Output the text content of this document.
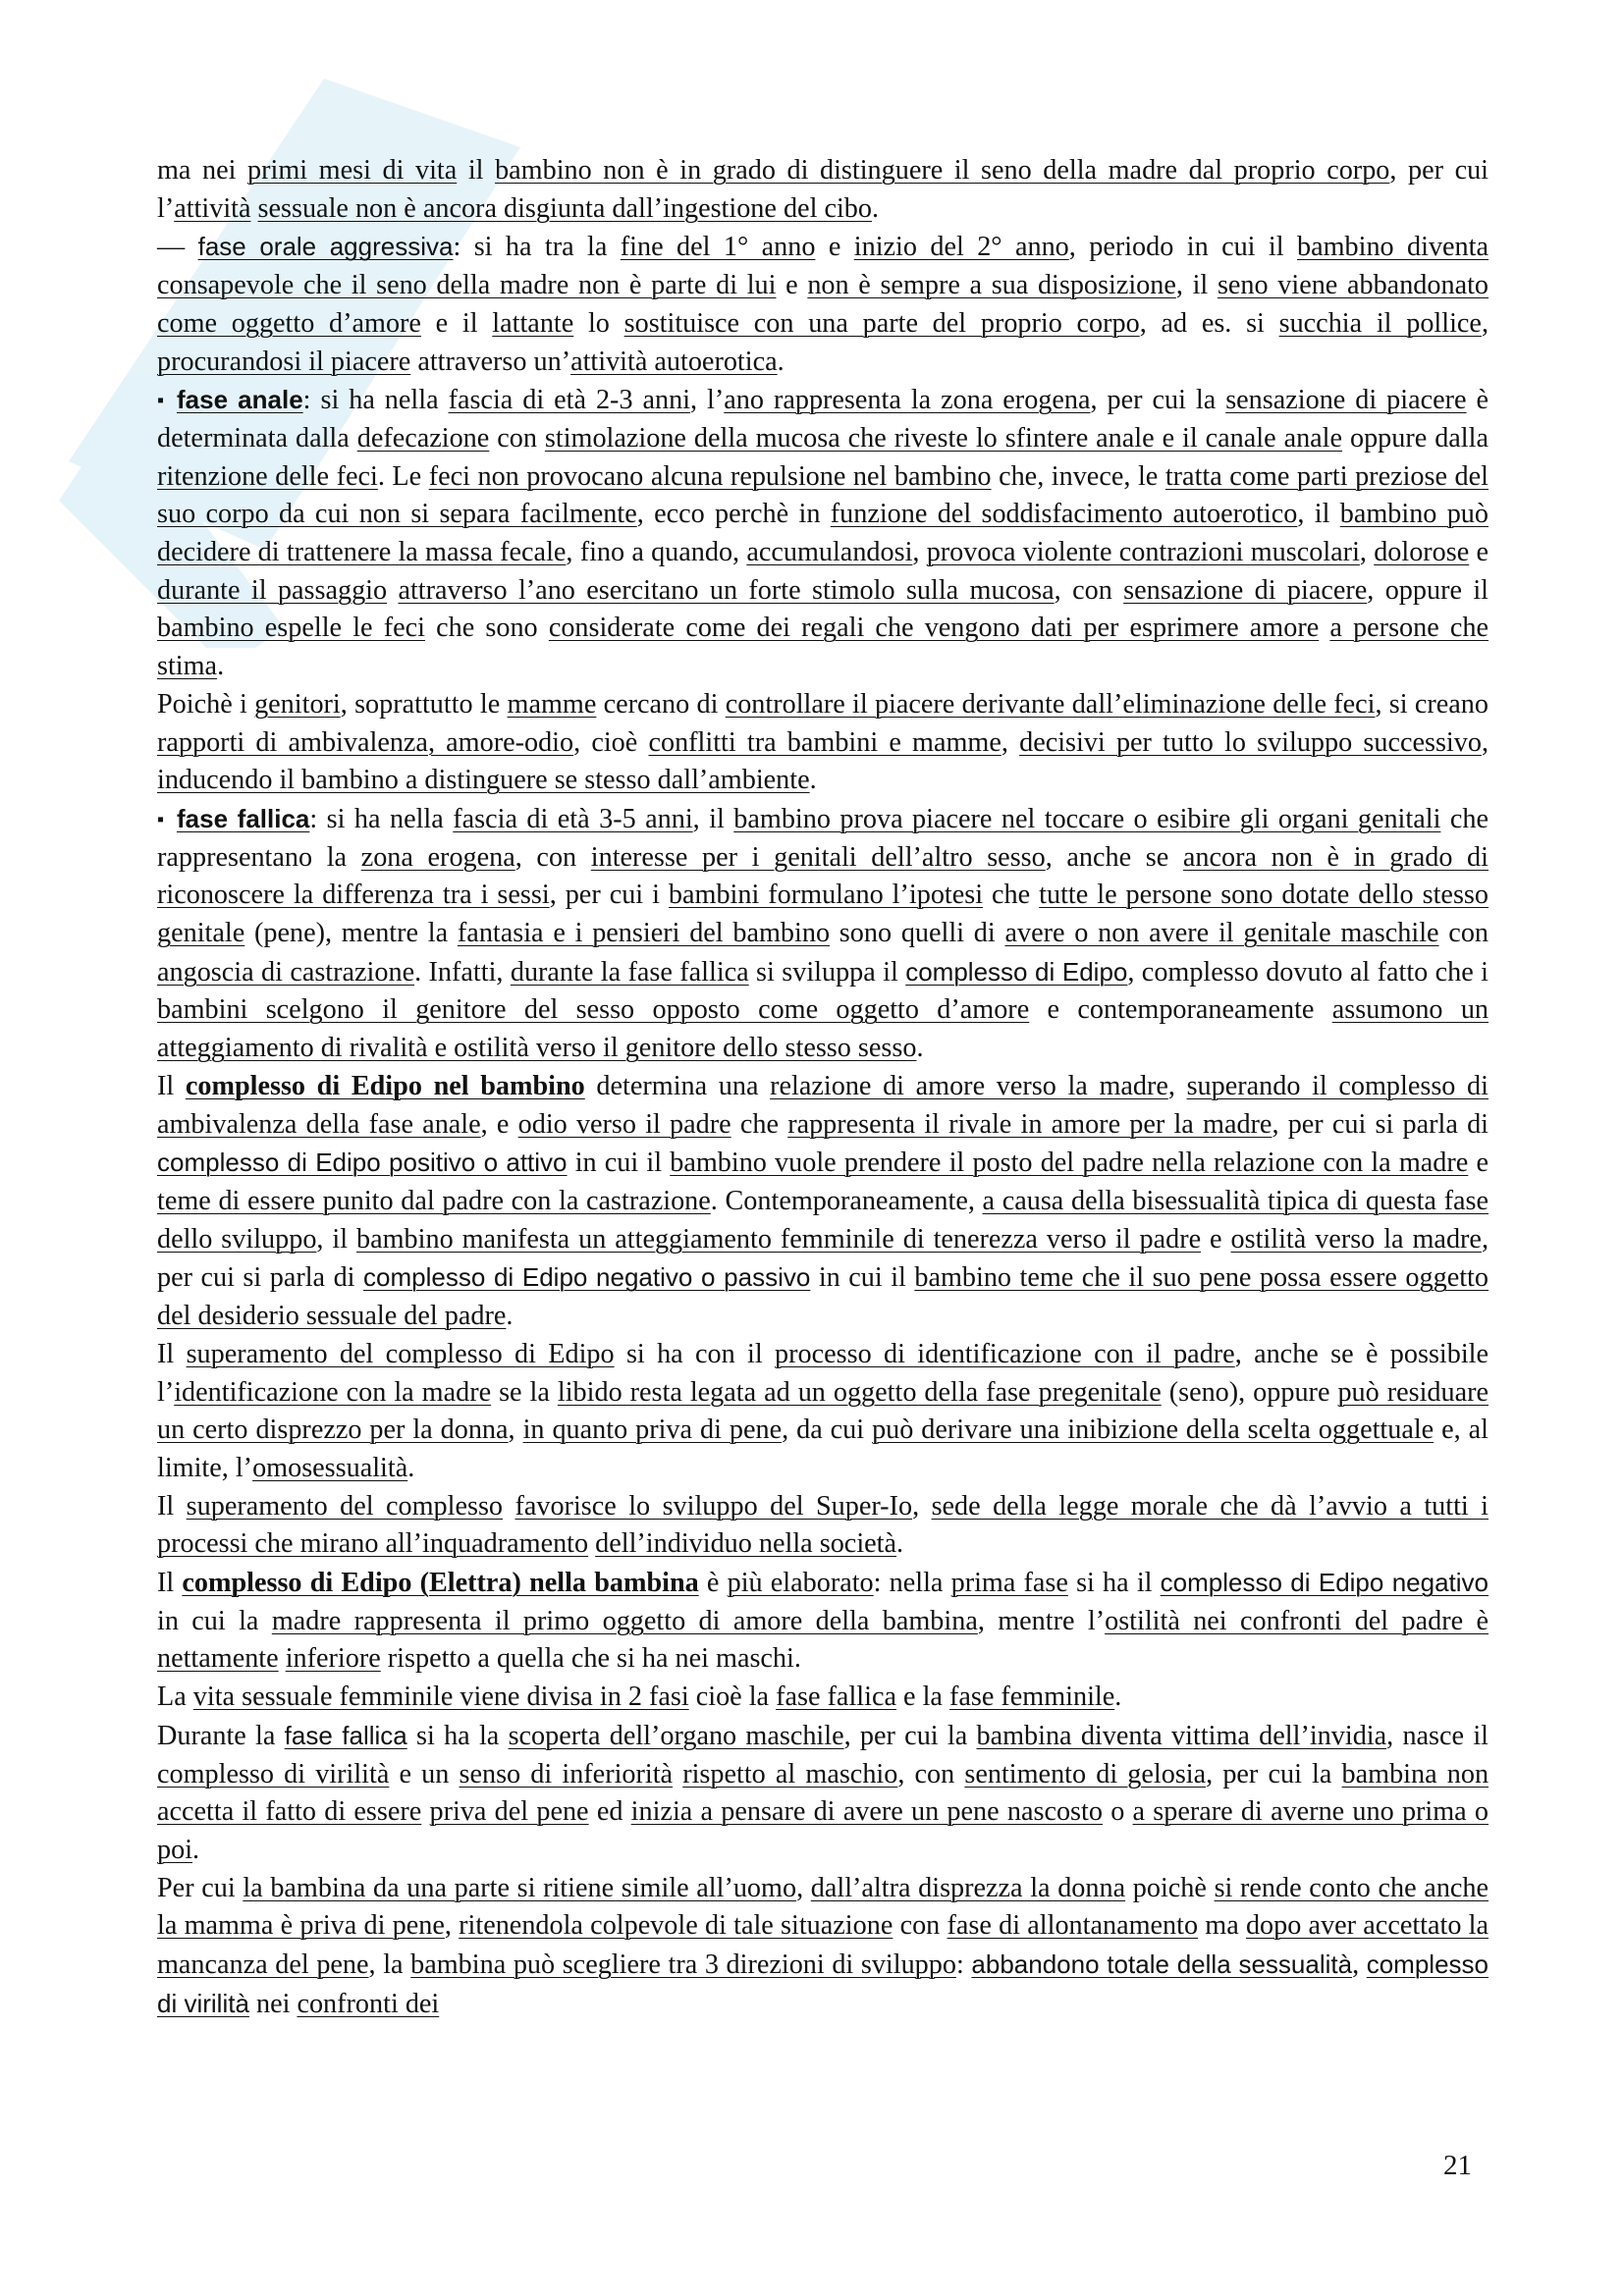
ma nei primi mesi di vita il bambino non è in grado di distinguere il seno della madre dal proprio corpo, per cui l’attività sessuale non è ancora disgiunta dall’ingestione del cibo.

— fase orale aggressiva: si ha tra la fine del 1° anno e inizio del 2° anno, periodo in cui il bambino diventa consapevole che il seno della madre non è parte di lui e non è sempre a sua disposizione, il seno viene abbandonato come oggetto d’amore e il lattante lo sostituisce con una parte del proprio corpo, ad es. si succhia il pollice, procurandosi il piacere attraverso un’attività autoerotica.

▪fase anale: si ha nella fascia di età 2-3 anni, l’ano rappresenta la zona erogena, per cui la sensazione di piacere è determinata dalla defecazione con stimolazione della mucosa che riveste lo sfintere anale e il canale anale oppure dalla ritenzione delle feci. Le feci non provocano alcuna repulsione nel bambino che, invece, le tratta come parti preziose del suo corpo da cui non si separa facilmente, ecco perchè in funzione del soddisfacimento autoerotico, il bambino può decidere di trattenere la massa fecale, fino a quando, accumulandosi, provoca violente contrazioni muscolari, dolorose e durante il passaggio attraverso l’ano esercitano un forte stimolo sulla mucosa, con sensazione di piacere, oppure il bambino espelle le feci che sono considerate come dei regali che vengono dati per esprimere amore a persone che stima.

Poichè i genitori, soprattutto le mamme cercano di controllare il piacere derivante dall’eliminazione delle feci, si creano rapporti di ambivalenza, amore-odio, cioè conflitti tra bambini e mamme, decisivi per tutto lo sviluppo successivo, inducendo il bambino a distinguere se stesso dall’ambiente.

▪fase fallica: si ha nella fascia di età 3-5 anni, il bambino prova piacere nel toccare o esibire gli organi genitali che rappresentano la zona erogena, con interesse per i genitali dell’altro sesso, anche se ancora non è in grado di riconoscere la differenza tra i sessi, per cui i bambini formulano l’ipotesi che tutte le persone sono dotate dello stesso genitale (pene), mentre la fantasia e i pensieri del bambino sono quelli di avere o non avere il genitale maschile con angoscia di castrazione. Infatti, durante la fase fallica si sviluppa il complesso di Edipo, complesso dovuto al fatto che i bambini scelgono il genitore del sesso opposto come oggetto d’amore e contemporaneamente assumono un atteggiamento di rivalità e ostilità verso il genitore dello stesso sesso.

Il complesso di Edipo nel bambino determina una relazione di amore verso la madre, superando il complesso di ambivalenza della fase anale, e odio verso il padre che rappresenta il rivale in amore per la madre, per cui si parla di complesso di Edipo positivo o attivo in cui il bambino vuole prendere il posto del padre nella relazione con la madre e teme di essere punito dal padre con la castrazione. Contemporaneamente, a causa della bisessualità tipica di questa fase dello sviluppo, il bambino manifesta un atteggiamento femminile di tenerezza verso il padre e ostilità verso la madre, per cui si parla di complesso di Edipo negativo o passivo in cui il bambino teme che il suo pene possa essere oggetto del desiderio sessuale del padre.

Il superamento del complesso di Edipo si ha con il processo di identificazione con il padre, anche se è possibile l’identificazione con la madre se la libido resta legata ad un oggetto della fase pregenitale (seno), oppure può residuare un certo disprezzo per la donna, in quanto priva di pene, da cui può derivare una inibizione della scelta oggettuale e, al limite, l’omosessualità.

Il superamento del complesso favorisce lo sviluppo del Super-Io, sede della legge morale che dà l’avvio a tutti i processi che mirano all’inquadramento dell’individuo nella società.

Il complesso di Edipo (Elettra) nella bambina è più elaborato: nella prima fase si ha il complesso di Edipo negativo in cui la madre rappresenta il primo oggetto di amore della bambina, mentre l’ostilità nei confronti del padre è nettamente inferiore rispetto a quella che si ha nei maschi.

La vita sessuale femminile viene divisa in 2 fasi cioè la fase fallica e la fase femminile.

Durante la fase fallica si ha la scoperta dell’organo maschile, per cui la bambina diventa vittima dell’invidia, nasce il complesso di virilità e un senso di inferiorità rispetto al maschio, con sentimento di gelosia, per cui la bambina non accetta il fatto di essere priva del pene ed inizia a pensare di avere un pene nascosto o a sperare di averne uno prima o poi.

Per cui la bambina da una parte si ritiene simile all’uomo, dall’altra disprezza la donna poichè si rende conto che anche la mamma è priva di pene, ritenendola colpevole di tale situazione con fase di allontanamento ma dopo aver accettato la mancanza del pene, la bambina può scegliere tra 3 direzioni di sviluppo: abbandono totale della sessualità, complesso di virilità nei confronti dei

21
